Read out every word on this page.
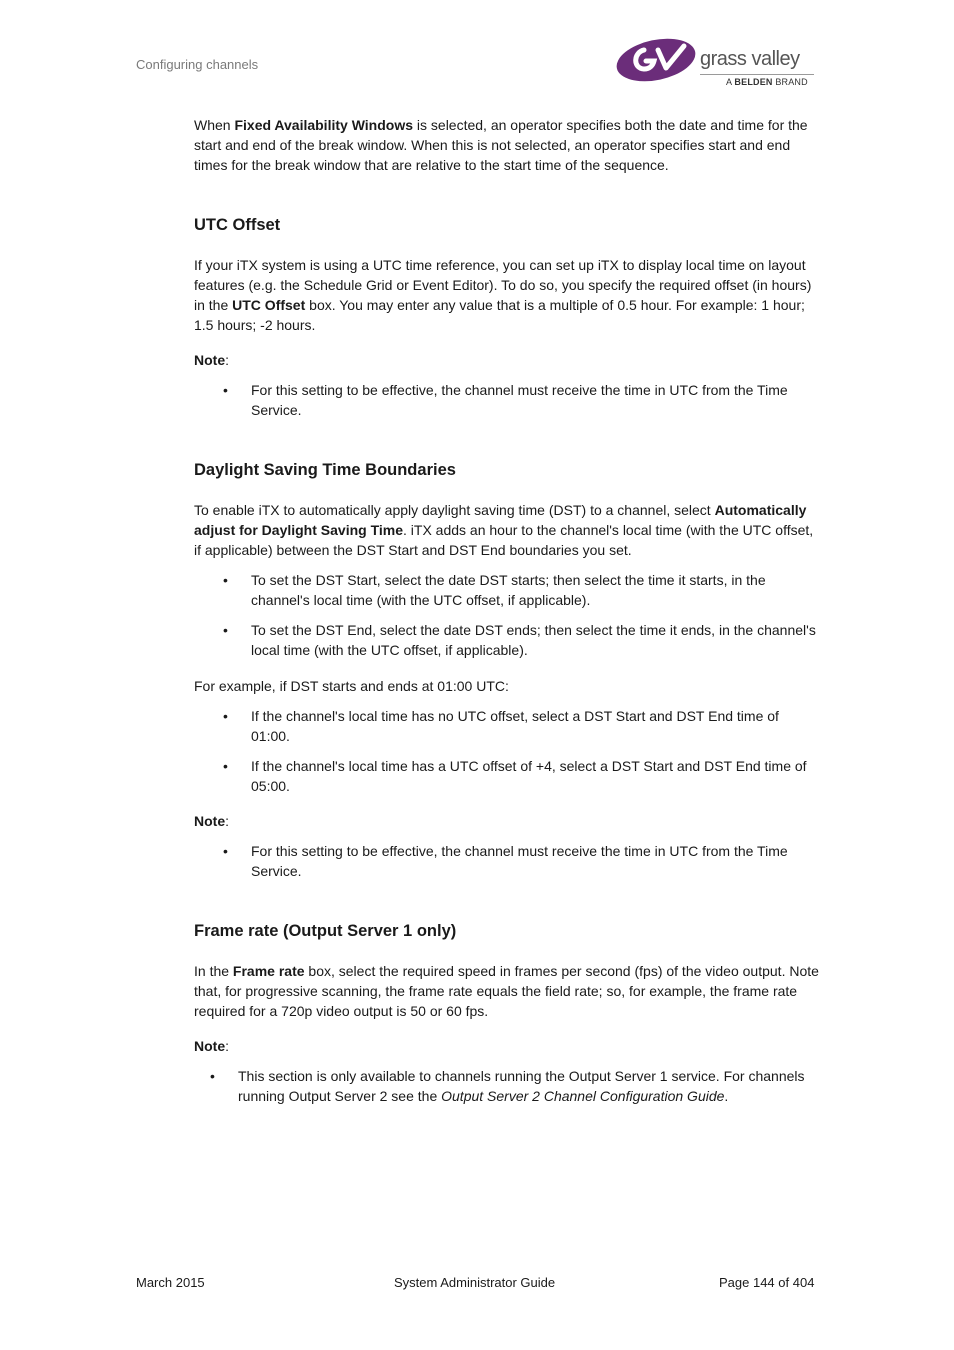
Configuring channels	grass valley
A BELDEN BRAND

When Fixed Availability Windows is selected, an operator specifies both the date and time for the start and end of the break window. When this is not selected, an operator specifies start and end times for the break window that are relative to the start time of the sequence.

UTC Offset

If your iTX system is using a UTC time reference, you can set up iTX to display local time on layout features (e.g. the Schedule Grid or Event Editor). To do so, you specify the required offset (in hours) in the UTC Offset box. You may enter any value that is a multiple of 0.5 hour. For example: 1 hour; 1.5 hours; -2 hours.

Note:

• For this setting to be effective, the channel must receive the time in UTC from the Time Service.
Daylight Saving Time Boundaries

To enable iTX to automatically apply daylight saving time (DST) to a channel, select Automatically adjust for Daylight Saving Time. iTX adds an hour to the channel's local time (with the UTC offset, if applicable) between the DST Start and DST End boundaries you set.

• To set the DST Start, select the date DST starts; then select the time it starts, in the channel's local time (with the UTC offset, if applicable).
• To set the DST End, select the date DST ends; then select the time it ends, in the channel's local time (with the UTC offset, if applicable).

For example, if DST starts and ends at 01:00 UTC:

• If the channel's local time has no UTC offset, select a DST Start and DST End time of 01:00.
• If the channel's local time has a UTC offset of +4, select a DST Start and DST End time of 05:00.

Note:

• For this setting to be effective, the channel must receive the time in UTC from the Time Service.
Frame rate (Output Server 1 only)

In the Frame rate box, select the required speed in frames per second (fps) of the video output. Note that, for progressive scanning, the frame rate equals the field rate; so, for example, the frame rate required for a 720p video output is 50 or 60 fps.

Note:

• This section is only available to channels running the Output Server 1 service. For channels running Output Server 2 see the Output Server 2 Channel Configuration Guide.
March 2015	System Administrator Guide	Page 144 of 404
